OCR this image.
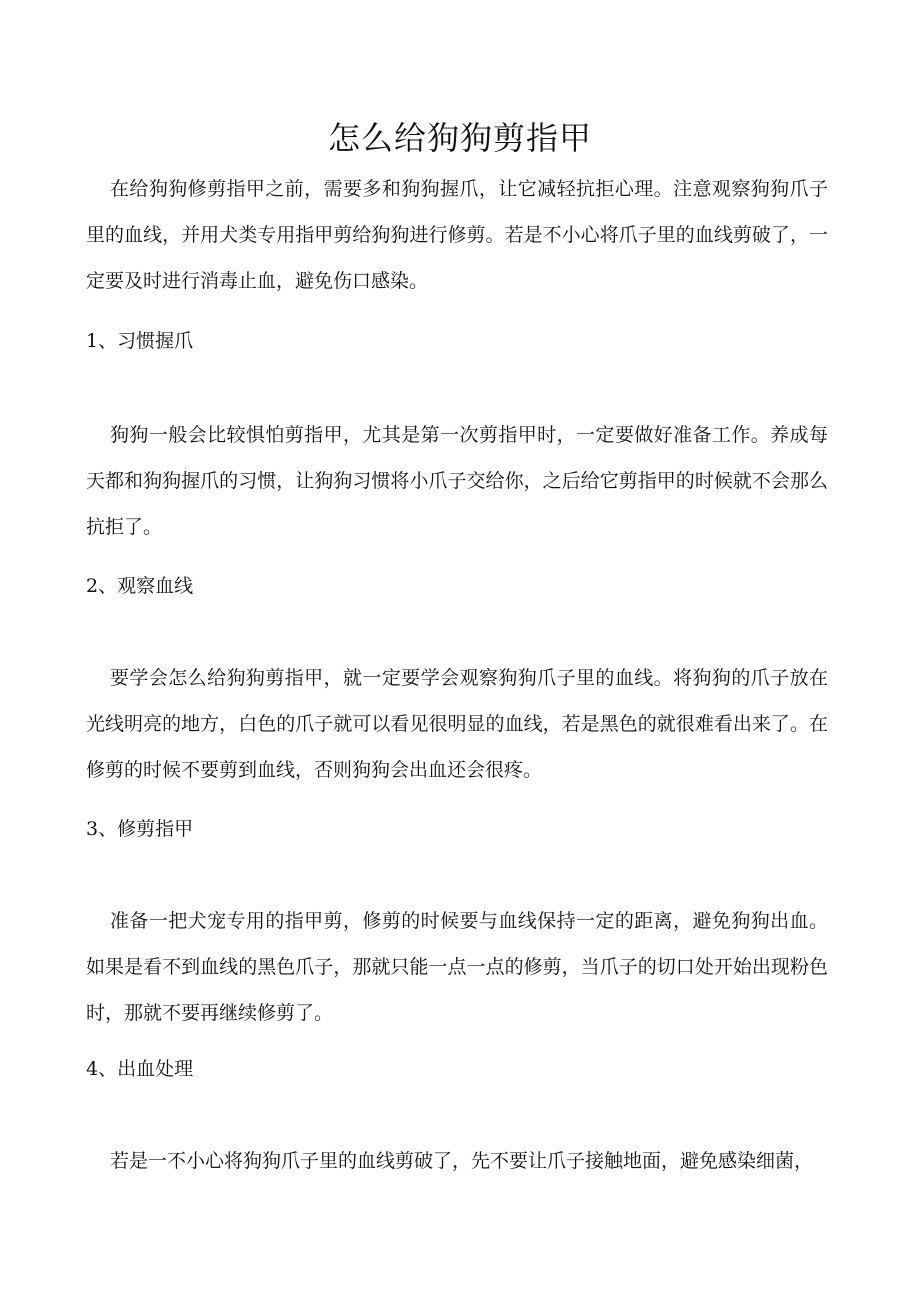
怎么给狗狗剪指甲

在给狗狗修剪指甲之前，需要多和狗狗握爪，让它减轻抗拒心理。注意观察狗狗爪子里的血线，并用犬类专用指甲剪给狗狗进行修剪。若是不小心将爪子里的血线剪破了，一定要及时进行消毒止血，避免伤口感染。

1、习惯握爪

狗狗一般会比较惧怕剪指甲，尤其是第一次剪指甲时，一定要做好准备工作。养成每天都和狗狗握爪的习惯，让狗狗习惯将小爪子交给你，之后给它剪指甲的时候就不会那么抗拒了。

2、观察血线

要学会怎么给狗狗剪指甲，就一定要学会观察狗狗爪子里的血线。将狗狗的爪子放在光线明亮的地方，白色的爪子就可以看见很明显的血线，若是黑色的就很难看出来了。在修剪的时候不要剪到血线，否则狗狗会出血还会很疼。

3、修剪指甲

准备一把犬宠专用的指甲剪，修剪的时候要与血线保持一定的距离，避免狗狗出血。如果是看不到血线的黑色爪子，那就只能一点一点的修剪，当爪子的切口处开始出现粉色时，那就不要再继续修剪了。

4、出血处理

若是一不小心将狗狗爪子里的血线剪破了，先不要让爪子接触地面，避免感染细菌，
